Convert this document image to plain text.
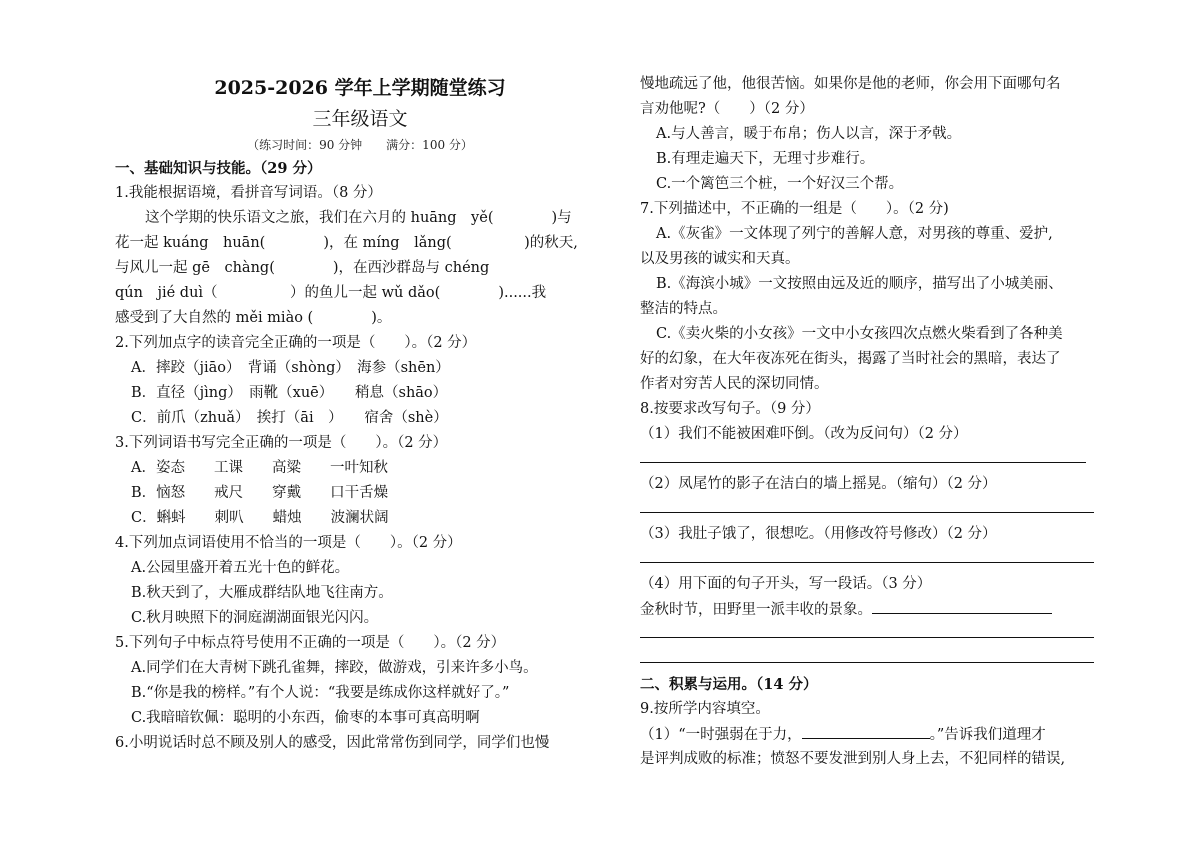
2025-2026 学年上学期随堂练习
三年级语文
（练习时间：90 分钟　　满分：100 分）
一、基础知识与技能。（29 分）
1.我能根据语境，看拼音写词语。（8 分）
这个学期的快乐语文之旅，我们在六月的 huāng　yě(　　　　)与
花一起 kuáng　huān(　　　　)，在 míng　lǎng(　　　　　)的秋天,
与风儿一起 gē　chàng(　　　　)，在西沙群岛与 chéng
qún　jié duì（　　　　　）的鱼儿一起 wǔ dǎo(　　　　)......我
感受到了大自然的 měi miào (　　　　)。
2.下列加点字的读音完全正确的一项是（　　）。（2 分）
A．摔跤（jiāo）　背诵（shòng）　海参（shēn）
B．直径（jìng）　雨靴（xuē）　　稍息（shāo）
C．前爪（zhuǎ）　挨打（āi　）　　宿舍（shè）
3.下列词语书写完全正确的一项是（　　）。（2 分）
A．姿态　　工课　　高粱　　一叶知秋
B．恼怒　　戒尺　　穿戴　　口干舌燥
C．蝌蚪　　刺叭　　蜡烛　　波澜状阔
4.下列加点词语使用不恰当的一项是（　　）。（2 分）
A.公园里盛开着五光十色的鲜花。
B.秋天到了，大雁成群结队地飞往南方。
C.秋月映照下的洞庭湖湖面银光闪闪。
5.下列句子中标点符号使用不正确的一项是（　　）。（2 分）
A.同学们在大青树下跳孔雀舞，摔跤，做游戏，引来许多小鸟。
B.“你是我的榜样。”有个人说：“我要是练成你这样就好了。”
C.我暗暗钦佩：聪明的小东西，偷枣的本事可真高明啊
6.小明说话时总不顾及别人的感受，因此常常伤到同学，同学们也慢
慢地疏远了他，他很苦恼。如果你是他的老师，你会用下面哪句名
言劝他呢?（　　）（2 分）
A.与人善言，暖于布帛；伤人以言，深于矛戟。
B.有理走遍天下，无理寸步难行。
C.一个篱笆三个桩，一个好汉三个帮。
7.下列描述中，不正确的一组是（　　）。（2 分)
A.《灰雀》一文体现了列宁的善解人意，对男孩的尊重、爱护,
以及男孩的诚实和天真。
B.《海滨小城》一文按照由远及近的顺序，描写出了小城美丽、
整洁的特点。
C.《卖火柴的小女孩》一文中小女孩四次点燃火柴看到了各种美
好的幻象，在大年夜冻死在街头，揭露了当时社会的黑暗，表达了
作者对穷苦人民的深切同情。
8.按要求改写句子。（9 分）
（1）我们不能被困难吓倒。（改为反问句）（2 分）
（2）凤尾竹的影子在洁白的墙上摇晃。（缩句）（2 分）
（3）我肚子饿了，很想吃。（用修改符号修改）（2 分）
（4）用下面的句子开头，写一段话。（3 分）
金秋时节，田野里一派丰收的景象。
二、积累与运用。（14 分）
9.按所学内容填空。
（1）“一时强弱在于力，	。”告诉我们道理才
是评判成败的标准；愤怒不要发泄到别人身上去，不犯同样的错误,
